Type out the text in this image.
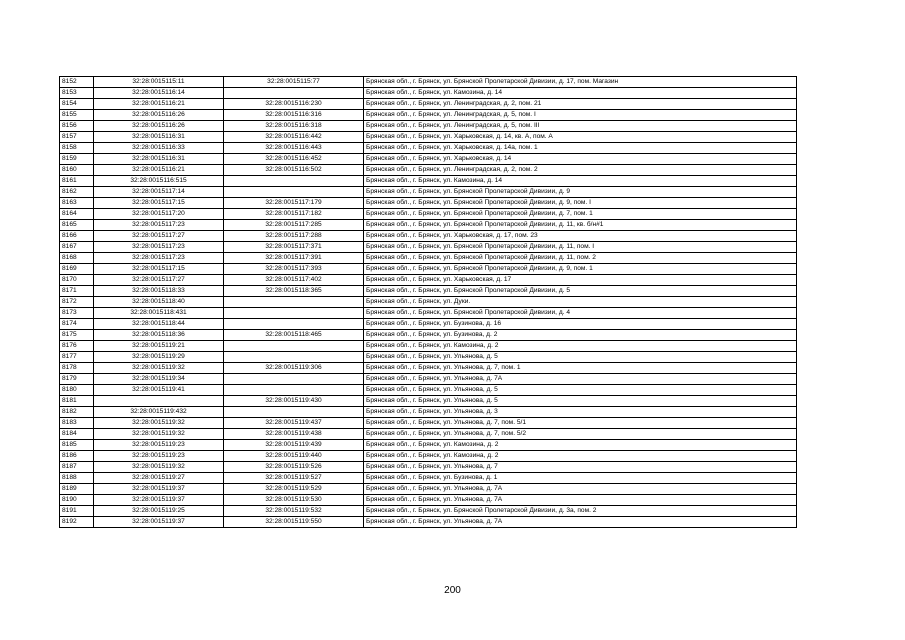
8152	32:28:0015115:11	32:28:0015115:77	Брянская обл., г. Брянск, ул. Брянской Пролетарской Дивизии, д. 17, пом. Магазин
8153	32:28:0015116:14		Брянская обл., г. Брянск, ул. Камозина, д. 14
8154	32:28:0015116:21	32:28:0015116:230	Брянская обл., г. Брянск, ул. Ленинградская, д. 2, пом. 21
8155	32:28:0015116:26	32:28:0015116:316	Брянская обл., г. Брянск, ул. Ленинградская, д. 5, пом. I
8156	32:28:0015116:26	32:28:0015116:318	Брянская обл., г. Брянск, ул. Ленинградская, д. 5, пом. III
8157	32:28:0015116:31	32:28:0015116:442	Брянская обл., г. Брянск, ул. Харьковская, д. 14, кв. А, пом. А
8158	32:28:0015116:33	32:28:0015116:443	Брянская обл., г. Брянск, ул. Харьковская, д. 14а, пом. 1
8159	32:28:0015116:31	32:28:0015116:452	Брянская обл., г. Брянск, ул. Харьковская, д. 14
8160	32:28:0015116:21	32:28:0015116:502	Брянская обл., г. Брянск, ул. Ленинградская, д. 2, пом. 2
8161	32:28:0015116:515		Брянская обл., г. Брянск, ул. Камозина, д. 14
8162	32:28:0015117:14		Брянская обл., г. Брянск, ул. Брянской Пролетарской Дивизии, д. 9
8163	32:28:0015117:15	32:28:0015117:179	Брянская обл., г. Брянск, ул. Брянской Пролетарской Дивизии, д. 9, пом. I
8164	32:28:0015117:20	32:28:0015117:182	Брянская обл., г. Брянск, ул. Брянской Пролетарской Дивизии, д. 7, пом. 1
8165	32:28:0015117:23	32:28:0015117:285	Брянская обл., г. Брянск, ул. Брянской Пролетарской Дивизии, д. 11, кв. б/н#1
8166	32:28:0015117:27	32:28:0015117:288	Брянская обл., г. Брянск, ул. Харьковская, д. 17, пом. 23
8167	32:28:0015117:23	32:28:0015117:371	Брянская обл., г. Брянск, ул. Брянской Пролетарской Дивизии, д. 11, пом. I
8168	32:28:0015117:23	32:28:0015117:391	Брянская обл., г. Брянск, ул. Брянской Пролетарской Дивизии, д. 11, пом. 2
8169	32:28:0015117:15	32:28:0015117:393	Брянская обл., г. Брянск, ул. Брянской Пролетарской Дивизии, д. 9, пом. 1
8170	32:28:0015117:27	32:28:0015117:402	Брянская обл., г. Брянск, ул. Харьковская, д. 17
8171	32:28:0015118:33	32:28:0015118:365	Брянская обл., г. Брянск, ул. Брянской Пролетарской Дивизии, д. 5
8172	32:28:0015118:40		Брянская обл., г. Брянск, ул. Дуки.
8173	32:28:0015118:431		Брянская обл., г. Брянск, ул. Брянской Пролетарской Дивизии, д. 4
8174	32:28:0015118:44		Брянская обл., г. Брянск, ул. Бузинова, д. 16
8175	32:28:0015118:36	32:28:0015118:465	Брянская обл., г. Брянск, ул. Бузинова, д. 2
8176	32:28:0015119:21		Брянская обл., г. Брянск, ул. Камозина, д. 2
8177	32:28:0015119:29		Брянская обл., г. Брянск, ул. Ульянова, д. 5
8178	32:28:0015119:32	32:28:0015119:306	Брянская обл., г. Брянск, ул. Ульянова, д. 7, пом. 1
8179	32:28:0015119:34		Брянская обл., г. Брянск, ул. Ульянова, д. 7А
8180	32:28:0015119:41		Брянская обл., г. Брянск, ул. Ульянова, д. 5
8181		32:28:0015119:430	Брянская обл., г. Брянск, ул. Ульянова, д. 5
8182	32:28:0015119:432		Брянская обл., г. Брянск, ул. Ульянова, д. 3
8183	32:28:0015119:32	32:28:0015119:437	Брянская обл., г. Брянск, ул. Ульянова, д. 7, пом. 5/1
8184	32:28:0015119:32	32:28:0015119:438	Брянская обл., г. Брянск, ул. Ульянова, д. 7, пом. 5/2
8185	32:28:0015119:23	32:28:0015119:439	Брянская обл., г. Брянск, ул. Камозина, д. 2
8186	32:28:0015119:23	32:28:0015119:440	Брянская обл., г. Брянск, ул. Камозина, д. 2
8187	32:28:0015119:32	32:28:0015119:526	Брянская обл., г. Брянск, ул. Ульянова, д. 7
8188	32:28:0015119:27	32:28:0015119:527	Брянская обл., г. Брянск, ул. Бузинова, д. 1
8189	32:28:0015119:37	32:28:0015119:529	Брянская обл., г. Брянск, ул. Ульянова, д. 7А
8190	32:28:0015119:37	32:28:0015119:530	Брянская обл., г. Брянск, ул. Ульянова, д. 7А
8191	32:28:0015119:25	32:28:0015119:532	Брянская обл., г. Брянск, ул. Брянской Пролетарской Дивизии, д. 3а, пом. 2
8192	32:28:0015119:37	32:28:0015119:550	Брянская обл., г. Брянск, ул. Ульянова, д. 7А
200
